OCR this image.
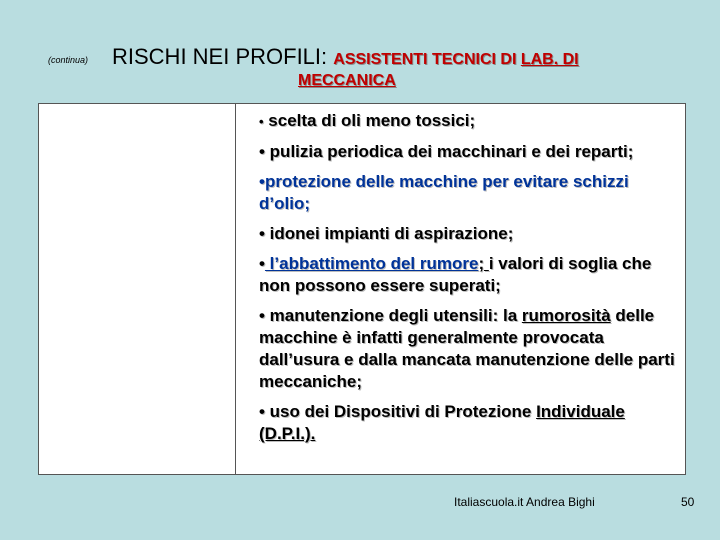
(continua) RISCHI NEI PROFILI: ASSISTENTI TECNICI DI LAB. DI
MECCANICA
• scelta di oli meno tossici;
• pulizia periodica dei macchinari e dei reparti;
•protezione delle macchine per evitare schizzi d’olio;
• idonei impianti di aspirazione;
• l’abbattimento del rumore; i valori di soglia che non possono essere superati;
• manutenzione degli utensili: la rumorosità delle macchine è infatti generalmente provocata dall’usura e dalla mancata manutenzione delle parti meccaniche;
• uso dei Dispositivi di Protezione Individuale (D.P.I.).
Italiascuola.it Andrea Bighi	50
